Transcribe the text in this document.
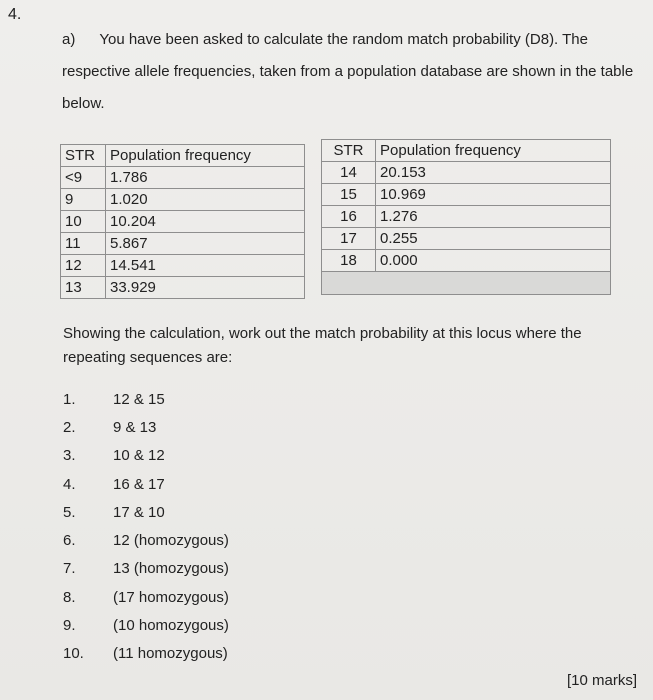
4.
a) You have been asked to calculate the random match probability (D8). The respective allele frequencies, taken from a population database are shown in the table below.
STR	Population frequency
<9	1.786
9	1.020
10	10.204
11	5.867
12	14.541
13	33.929
STR	Population frequency
14	20.153
15	10.969
16	1.276
17	0.255
18	0.000

Showing the calculation, work out the match probability at this locus where the repeating sequences are:
1.	12 & 15
2.	9 & 13
3.	10 & 12
4.	16 & 17
5.	17 & 10
6.	12 (homozygous)
7.	13 (homozygous)
8.	(17 homozygous)
9.	(10 homozygous)
10.	(11 homozygous)
[10 marks]
